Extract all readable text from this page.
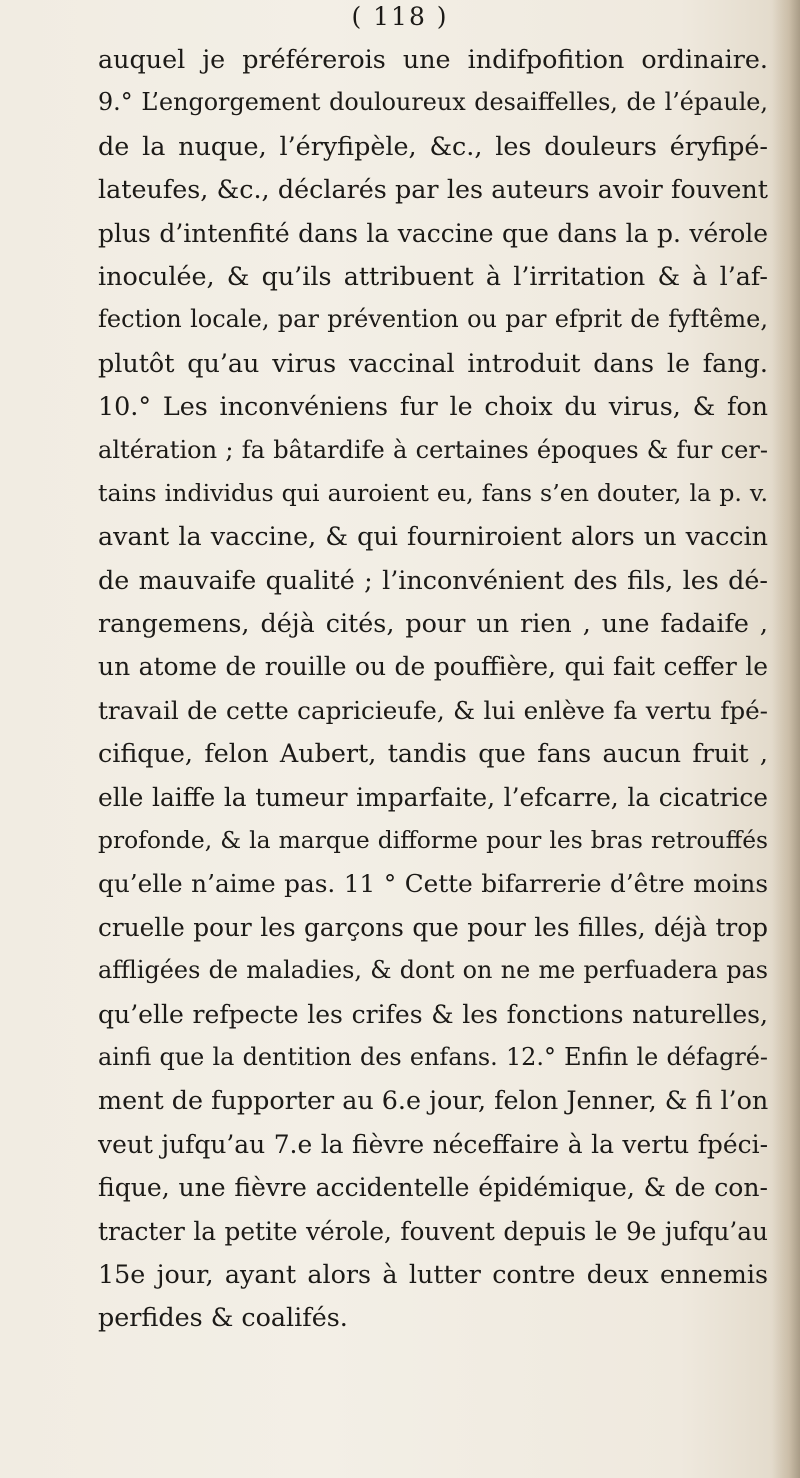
( 118 )
auquel je préférerois une indifpofition ordinaire.
9.° L’engorgement douloureux desaiffelles, de l’épaule,
de la nuque, l’éryfipèle, &c., les douleurs éryfipé-
lateufes, &c., déclarés par les auteurs avoir fouvent
plus d’intenfité dans la vaccine que dans la p. vérole
inoculée, & qu’ils attribuent à l’irritation & à l’af-
fection locale, par prévention ou par efprit de fyftême,
plutôt qu’au virus vaccinal introduit dans le fang.
10.° Les inconvéniens fur le choix du virus, & fon
altération ; fa bâtardife à certaines époques & fur cer-
tains individus qui auroient eu, fans s’en douter, la p. v.
avant la vaccine, & qui fourniroient alors un vaccin
de mauvaife qualité ; l’inconvénient des fils, les dé-
rangemens, déjà cités, pour un rien , une fadaife ,
un atome de rouille ou de pouffière, qui fait ceffer le
travail de cette capricieufe, & lui enlève fa vertu fpé-
cifique, felon Aubert, tandis que fans aucun fruit ,
elle laiffe la tumeur imparfaite, l’efcarre, la cicatrice
profonde, & la marque difforme pour les bras retrouffés
qu’elle n’aime pas. 11 ° Cette bifarrerie d’être moins
cruelle pour les garçons que pour les filles, déjà trop
affligées de maladies, & dont on ne me perfuadera pas
qu’elle refpecte les crifes & les fonctions naturelles,
ainfi que la dentition des enfans. 12.° Enfin le défagré-
ment de fupporter au 6.e jour, felon Jenner, & fi l’on
veut jufqu’au 7.e la fièvre néceffaire à la vertu fpéci-
fique, une fièvre accidentelle épidémique, & de con-
tracter la petite vérole, fouvent depuis le 9e jufqu’au
15e jour, ayant alors à lutter contre deux ennemis
perfides & coalifés.
